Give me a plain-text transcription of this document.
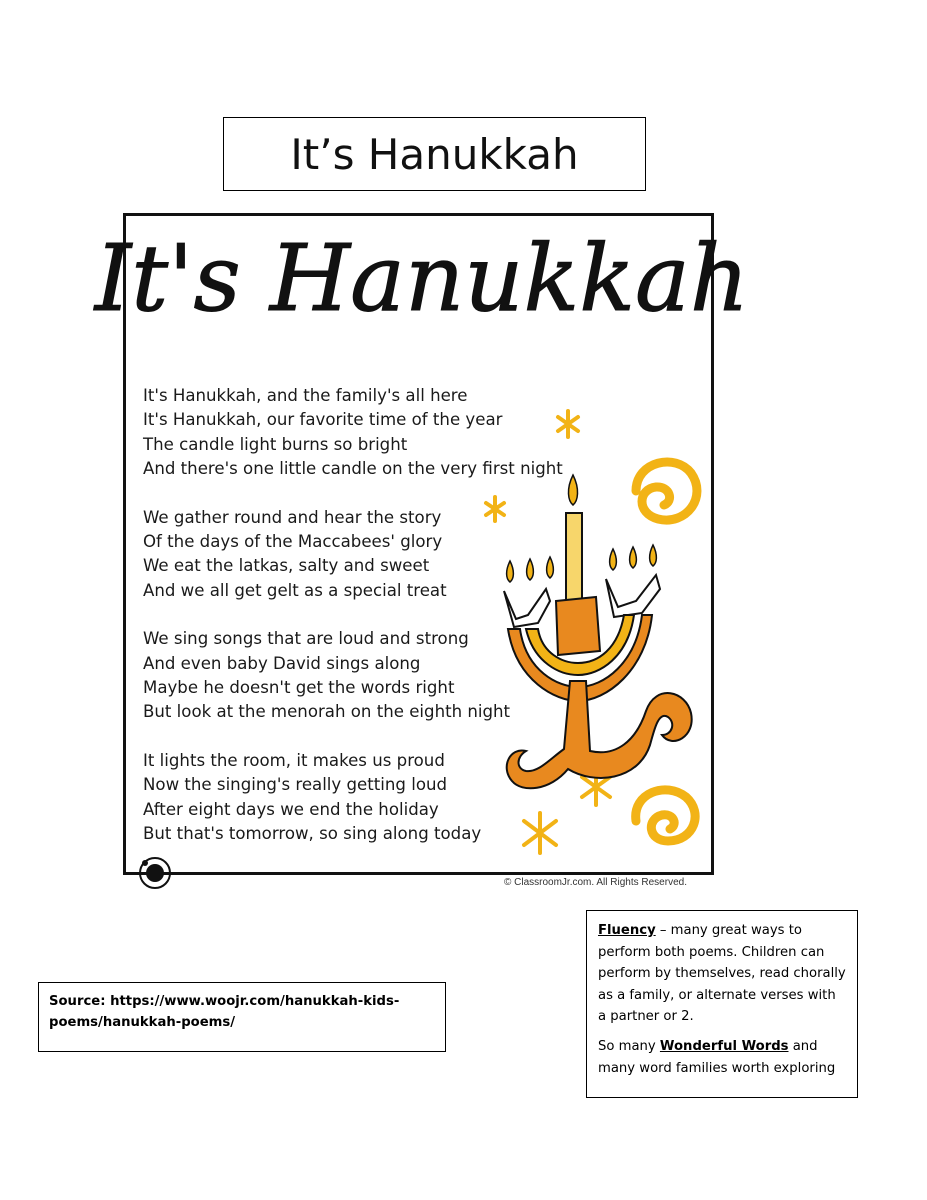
It’s Hanukkah
It's Hanukkah
It's Hanukkah, and the family's all here
It's Hanukkah, our favorite time of the year
The candle light burns so bright
And there's one little candle on the very first night
We gather round and hear the story
Of the days of the Maccabees' glory
We eat the latkas, salty and sweet
And we all get gelt as a special treat
We sing songs that are loud and strong
And even baby David sings along
Maybe he doesn't get the words right
But look at the menorah on the eighth night
It lights the room, it makes us proud
Now the singing's really getting loud
After eight days we end the holiday
But that's tomorrow, so sing along today
© ClassroomJr.com. All Rights Reserved.
Source: https://www.woojr.com/hanukkah-kids-poems/hanukkah-poems/

Fluency – many great ways to perform both poems. Children can perform by themselves, read chorally as a family, or alternate verses with a partner or 2.

So many Wonderful Words and many word families worth exploring
